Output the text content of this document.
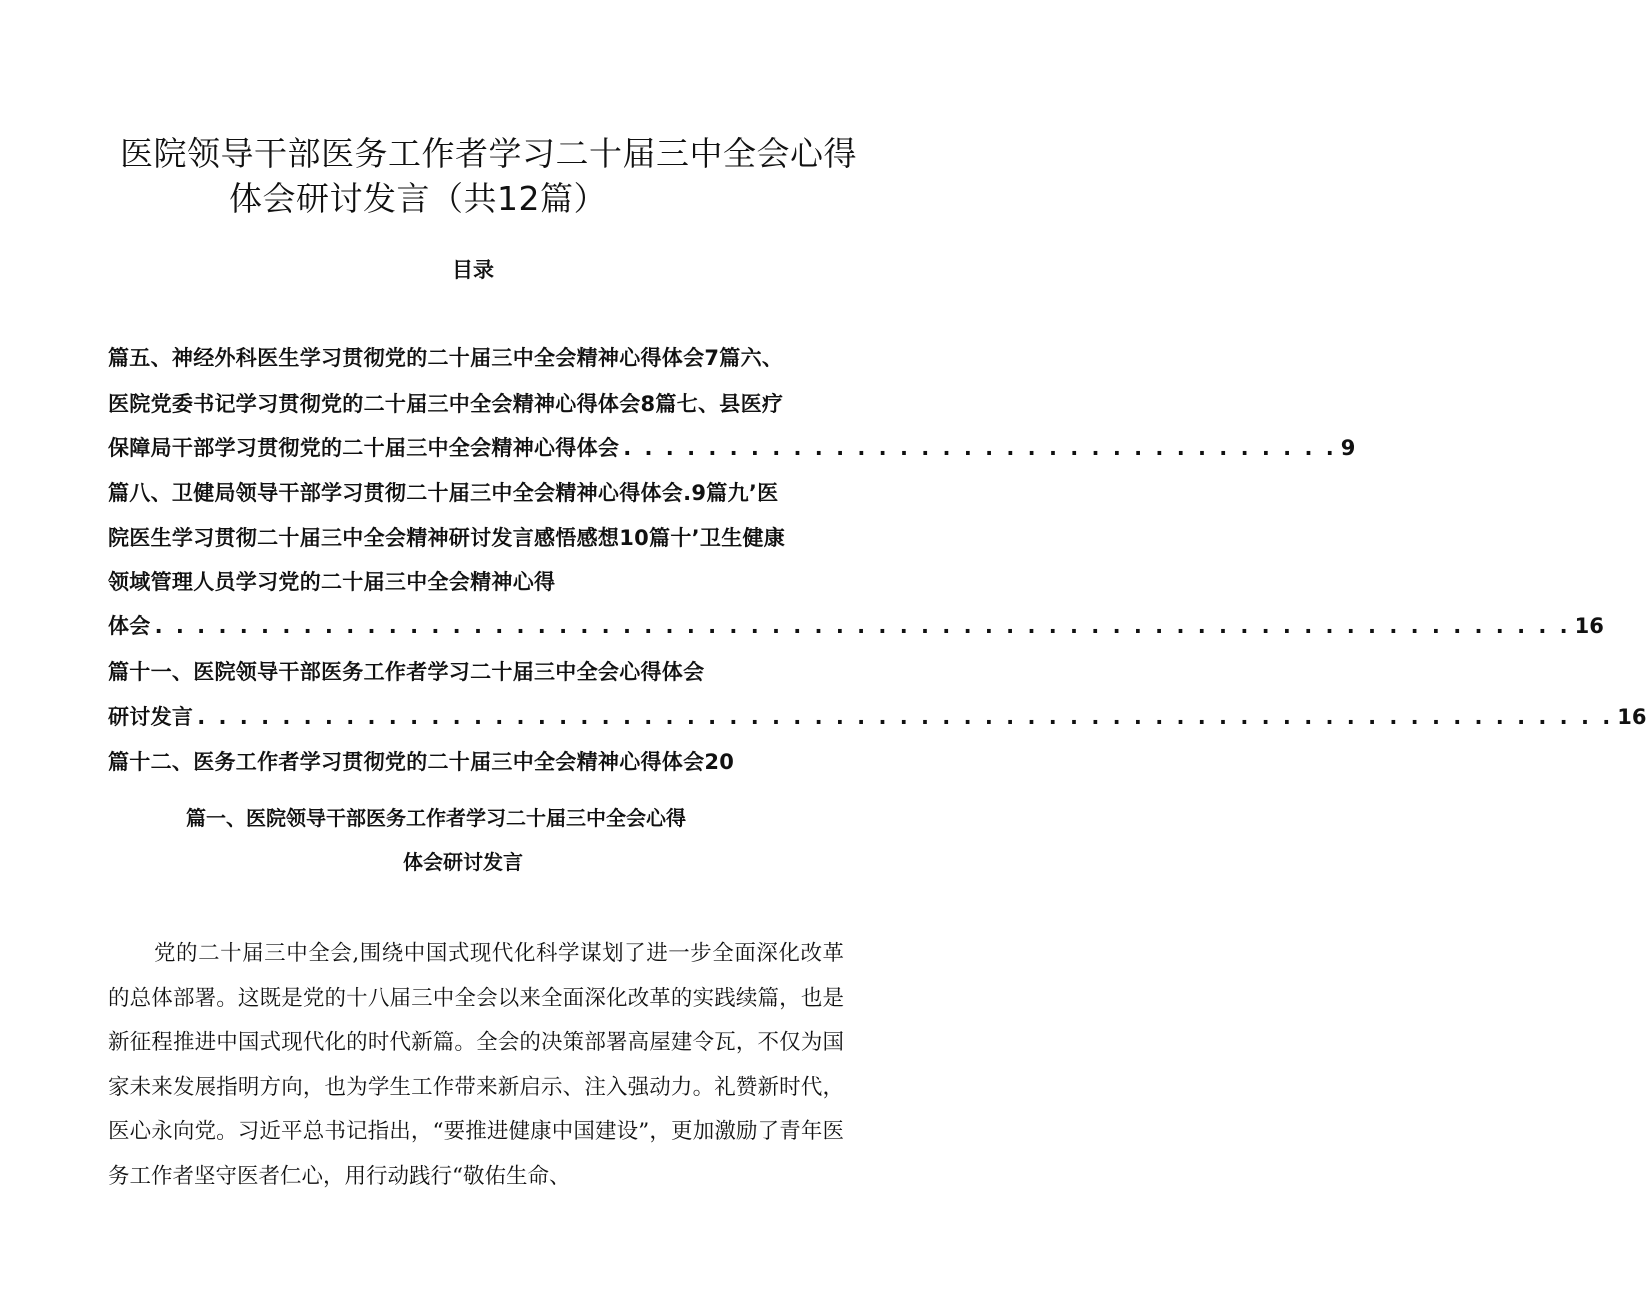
医院领导干部医务工作者学习二十届三中全会心得
体会研讨发言（共12篇）
目录
篇五、神经外科医生学习贯彻党的二十届三中全会精神心得体会7篇六、
医院党委书记学习贯彻党的二十届三中全会精神心得体会8篇七、县医疗
保障局干部学习贯彻党的二十届三中全会精神心得体会 . . . . . . . . . . . . . . . . . . . . . . . . . . . . . . . . . . 9
篇八、卫健局领导干部学习贯彻二十届三中全会精神心得体会.9篇九’医
院医生学习贯彻二十届三中全会精神研讨发言感悟感想10篇十’卫生健康
领域管理人员学习党的二十届三中全会精神心得
体会 . . . . . . . . . . . . . . . . . . . . . . . . . . . . . . . . . . . . . . . . . . . . . . . . . . . . . . . . . . . . . . . . . . . 16
篇十一、医院领导干部医务工作者学习二十届三中全会心得体会
研讨发言 . . . . . . . . . . . . . . . . . . . . . . . . . . . . . . . . . . . . . . . . . . . . . . . . . . . . . . . . . . . . . . . . . . . 16
篇十二、医务工作者学习贯彻党的二十届三中全会精神心得体会20
篇一、医院领导干部医务工作者学习二十届三中全会心得
体会研讨发言

党的二十届三中全会,围绕中国式现代化科学谋划了进一步全面深化改革的总体部署。这既是党的十八届三中全会以来全面深化改革的实践续篇，也是新征程推进中国式现代化的时代新篇。全会的决策部署高屋建令瓦，不仅为国家未来发展指明方向，也为学生工作带来新启示、注入强动力。礼赞新时代，医心永向党。习近平总书记指出，“要推进健康中国建设”，更加激励了青年医务工作者坚守医者仁心，用行动践行“敬佑生命、
